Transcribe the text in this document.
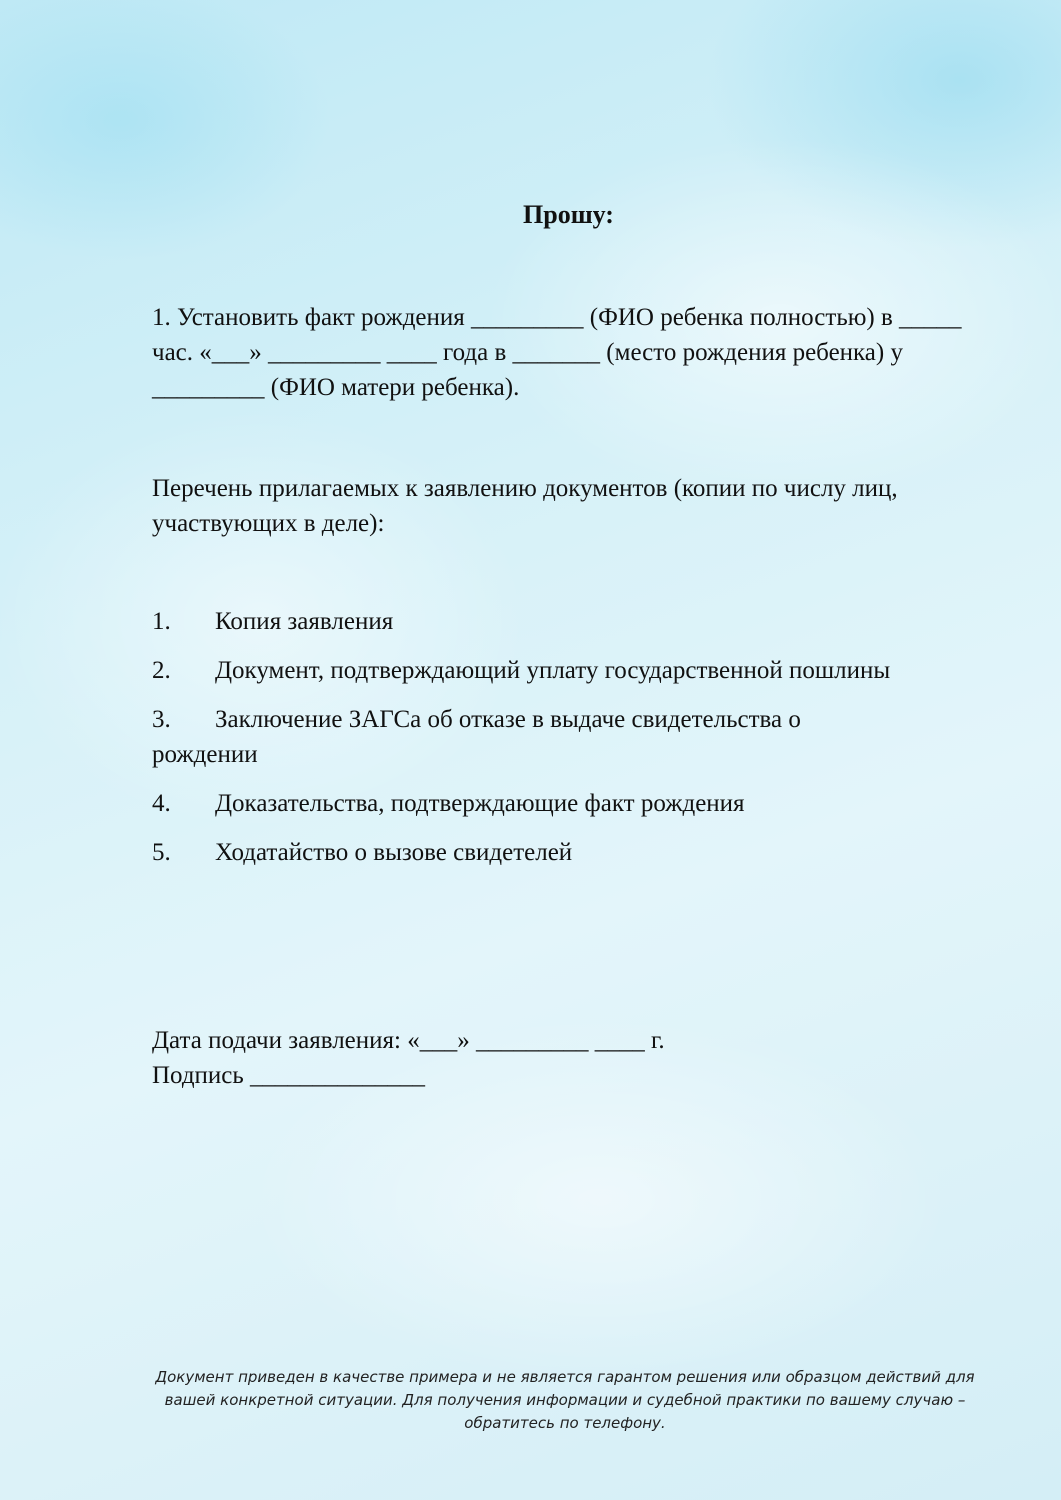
Прошу:
1. Установить факт рождения _________ (ФИО ребенка полностью) в _____ час. «___» _________ ____ года в _______ (место рождения ребенка) у _________ (ФИО матери ребенка).
Перечень прилагаемых к заявлению документов (копии по числу лиц, участвующих в деле):
1. Копия заявления
2. Документ, подтверждающий уплату государственной пошлины
3. Заключение ЗАГСа об отказе в выдаче свидетельства о рождении
4. Доказательства, подтверждающие факт рождения
5. Ходатайство о вызове свидетелей
Дата подачи заявления: «___» _________ ____ г.
Подпись ______________
Документ приведен в качестве примера и не является гарантом решения или образцом действий для вашей конкретной ситуации. Для получения информации и судебной практики по вашему случаю – обратитесь по телефону.
